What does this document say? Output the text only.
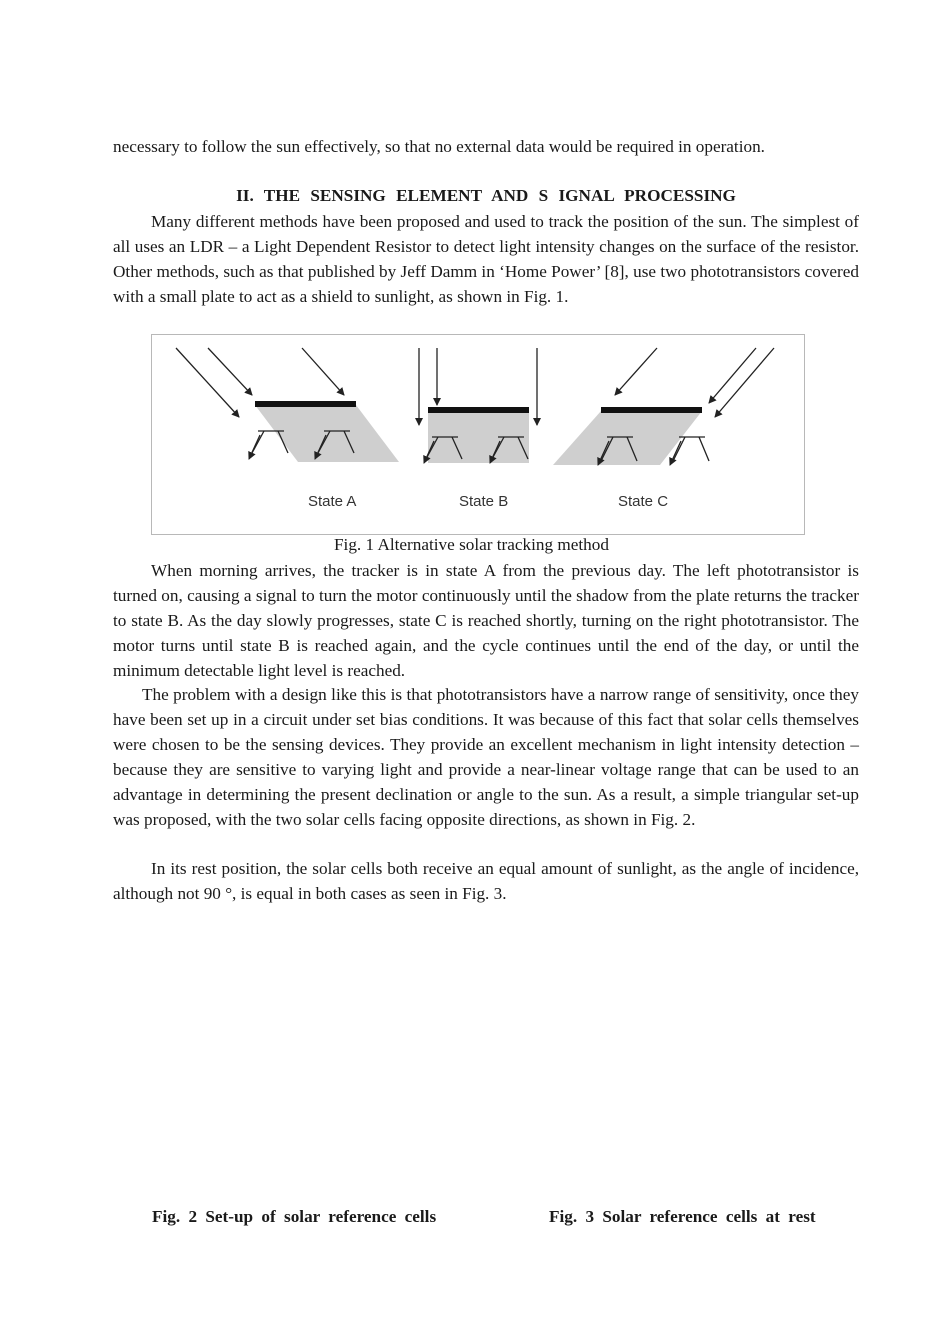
necessary to follow the sun effectively, so that no external data would be required in operation.
II. THE SENSING ELEMENT AND S IGNAL PROCESSING

Many different methods have been proposed and used to track the position of the sun. The simplest of all uses an LDR – a Light Dependent Resistor to detect light intensity changes on the surface of the resistor. Other methods, such as that published by Jeff Damm in ‘Home Power’ [8], use two phototransistors covered with a small plate to act as a shield to sunlight, as shown in Fig. 1.

When morning arrives, the tracker is in state A from the previous day. The left phototransistor is turned on, causing a signal to turn the motor continuously until the shadow from the plate returns the tracker to state B. As the day slowly progresses, state C is reached shortly, turning on the right phototransistor. The motor turns until state B is reached again, and the cycle continues until the end of the day, or until the minimum detectable light level is reached.

The problem with a design like this is that phototransistors have a narrow range of sensitivity, once they have been set up in a circuit under set bias conditions. It was because of this fact that solar cells themselves were chosen to be the sensing devices. They provide an excellent mechanism in light intensity detection – because they are sensitive to varying light and provide a near-linear voltage range that can be used to an advantage in determining the present declination or angle to the sun. As a result, a simple triangular set-up was proposed, with the two solar cells facing opposite directions, as shown in Fig. 2.

In its rest position, the solar cells both receive an equal amount of sunlight, as the angle of incidence, although not 90 °, is equal in both cases as seen in Fig. 3.

State A	State B	State C
Fig. 1 Alternative solar tracking method
Fig. 2 Set-up of solar reference cells	Fig. 3 Solar reference cells at rest
